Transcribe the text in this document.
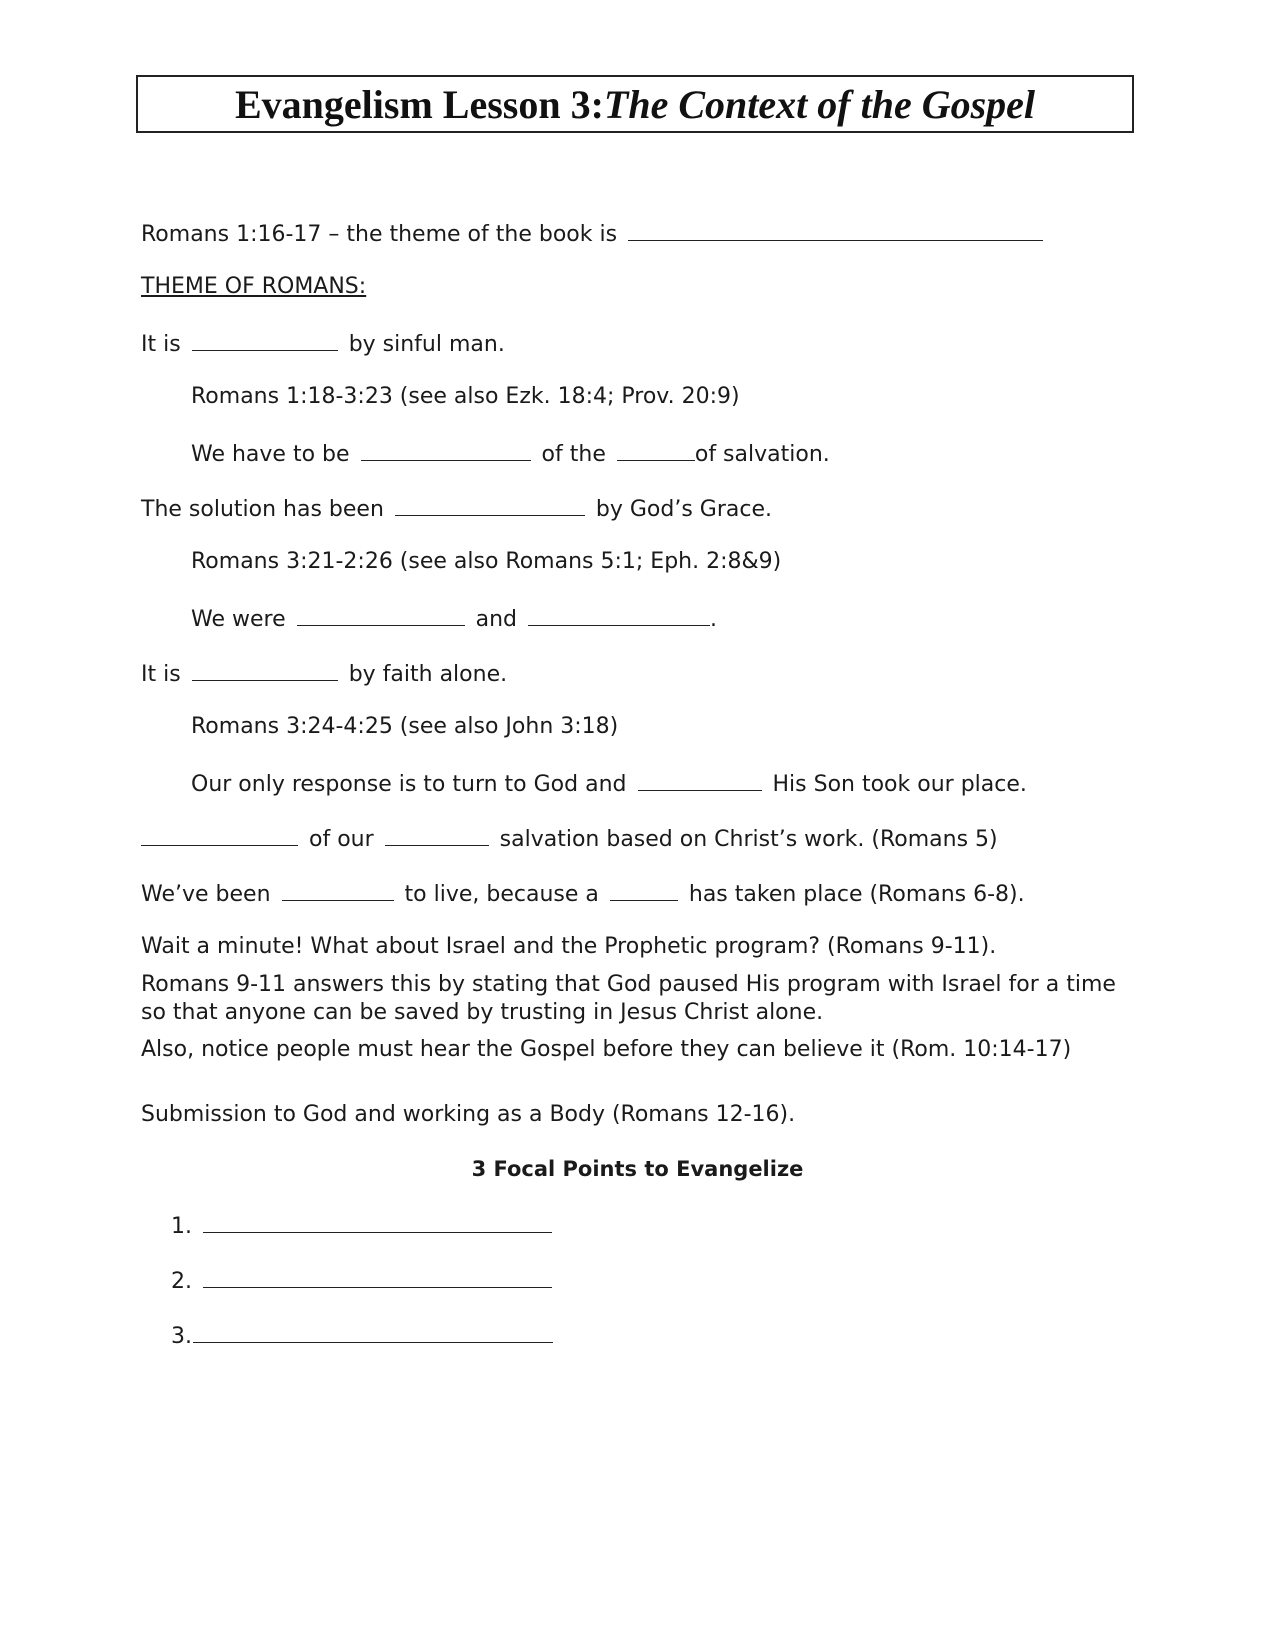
Evangelism Lesson 3: The Context of the Gospel
Romans 1:16-17 – the theme of the book is
THEME OF ROMANS:
It is	by sinful man.
Romans 1:18-3:23 (see also Ezk. 18:4; Prov. 20:9)
We have to be	of the	of salvation.
The solution has been	by God’s Grace.
Romans 3:21-2:26 (see also Romans 5:1; Eph. 2:8&9)
We were	and	.
It is	by faith alone.
Romans 3:24-4:25 (see also John 3:18)
Our only response is to turn to God and	His Son took our place.
of our	salvation based on Christ’s work. (Romans 5)
We’ve been	to live, because a	has taken place (Romans 6-8).
Wait a minute! What about Israel and the Prophetic program? (Romans 9-11).
Romans 9-11 answers this by stating that God paused His program with Israel for a time so that anyone can be saved by trusting in Jesus Christ alone.
Also, notice people must hear the Gospel before they can believe it (Rom. 10:14-17)
Submission to God and working as a Body (Romans 12-16).
3 Focal Points to Evangelize
1.
2.
3.
